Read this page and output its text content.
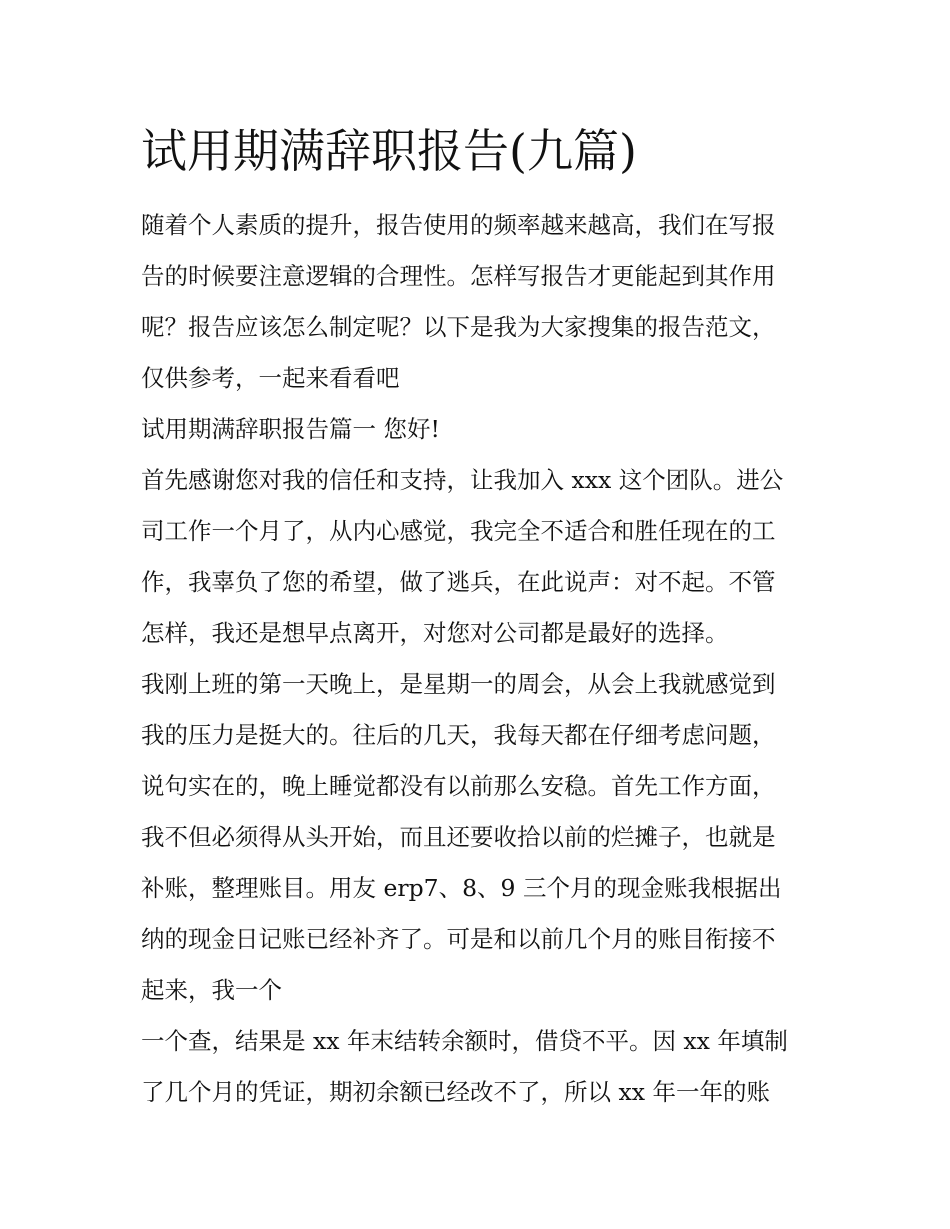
试用期满辞职报告(九篇)

随着个人素质的提升，报告使用的频率越来越高，我们在写报
告的时候要注意逻辑的合理性。怎样写报告才更能起到其作用
呢？报告应该怎么制定呢？以下是我为大家搜集的报告范文，
仅供参考，一起来看看吧

试用期满辞职报告篇一 您好!

首先感谢您对我的信任和支持，让我加入 xxx 这个团队。进公
司工作一个月了，从内心感觉，我完全不适合和胜任现在的工
作，我辜负了您的希望，做了逃兵，在此说声：对不起。不管
怎样，我还是想早点离开，对您对公司都是最好的选择。

我刚上班的第一天晚上，是星期一的周会，从会上我就感觉到
我的压力是挺大的。往后的几天，我每天都在仔细考虑问题，
说句实在的，晚上睡觉都没有以前那么安稳。首先工作方面，
我不但必须得从头开始，而且还要收拾以前的烂摊子，也就是
补账，整理账目。用友 erp7、8、9 三个月的现金账我根据出
纳的现金日记账已经补齐了。可是和以前几个月的账目衔接不
起来，我一个

一个查，结果是 xx 年末结转余额时，借贷不平。因 xx 年填制
了几个月的凭证，期初余额已经改不了，所以 xx 年一年的账
